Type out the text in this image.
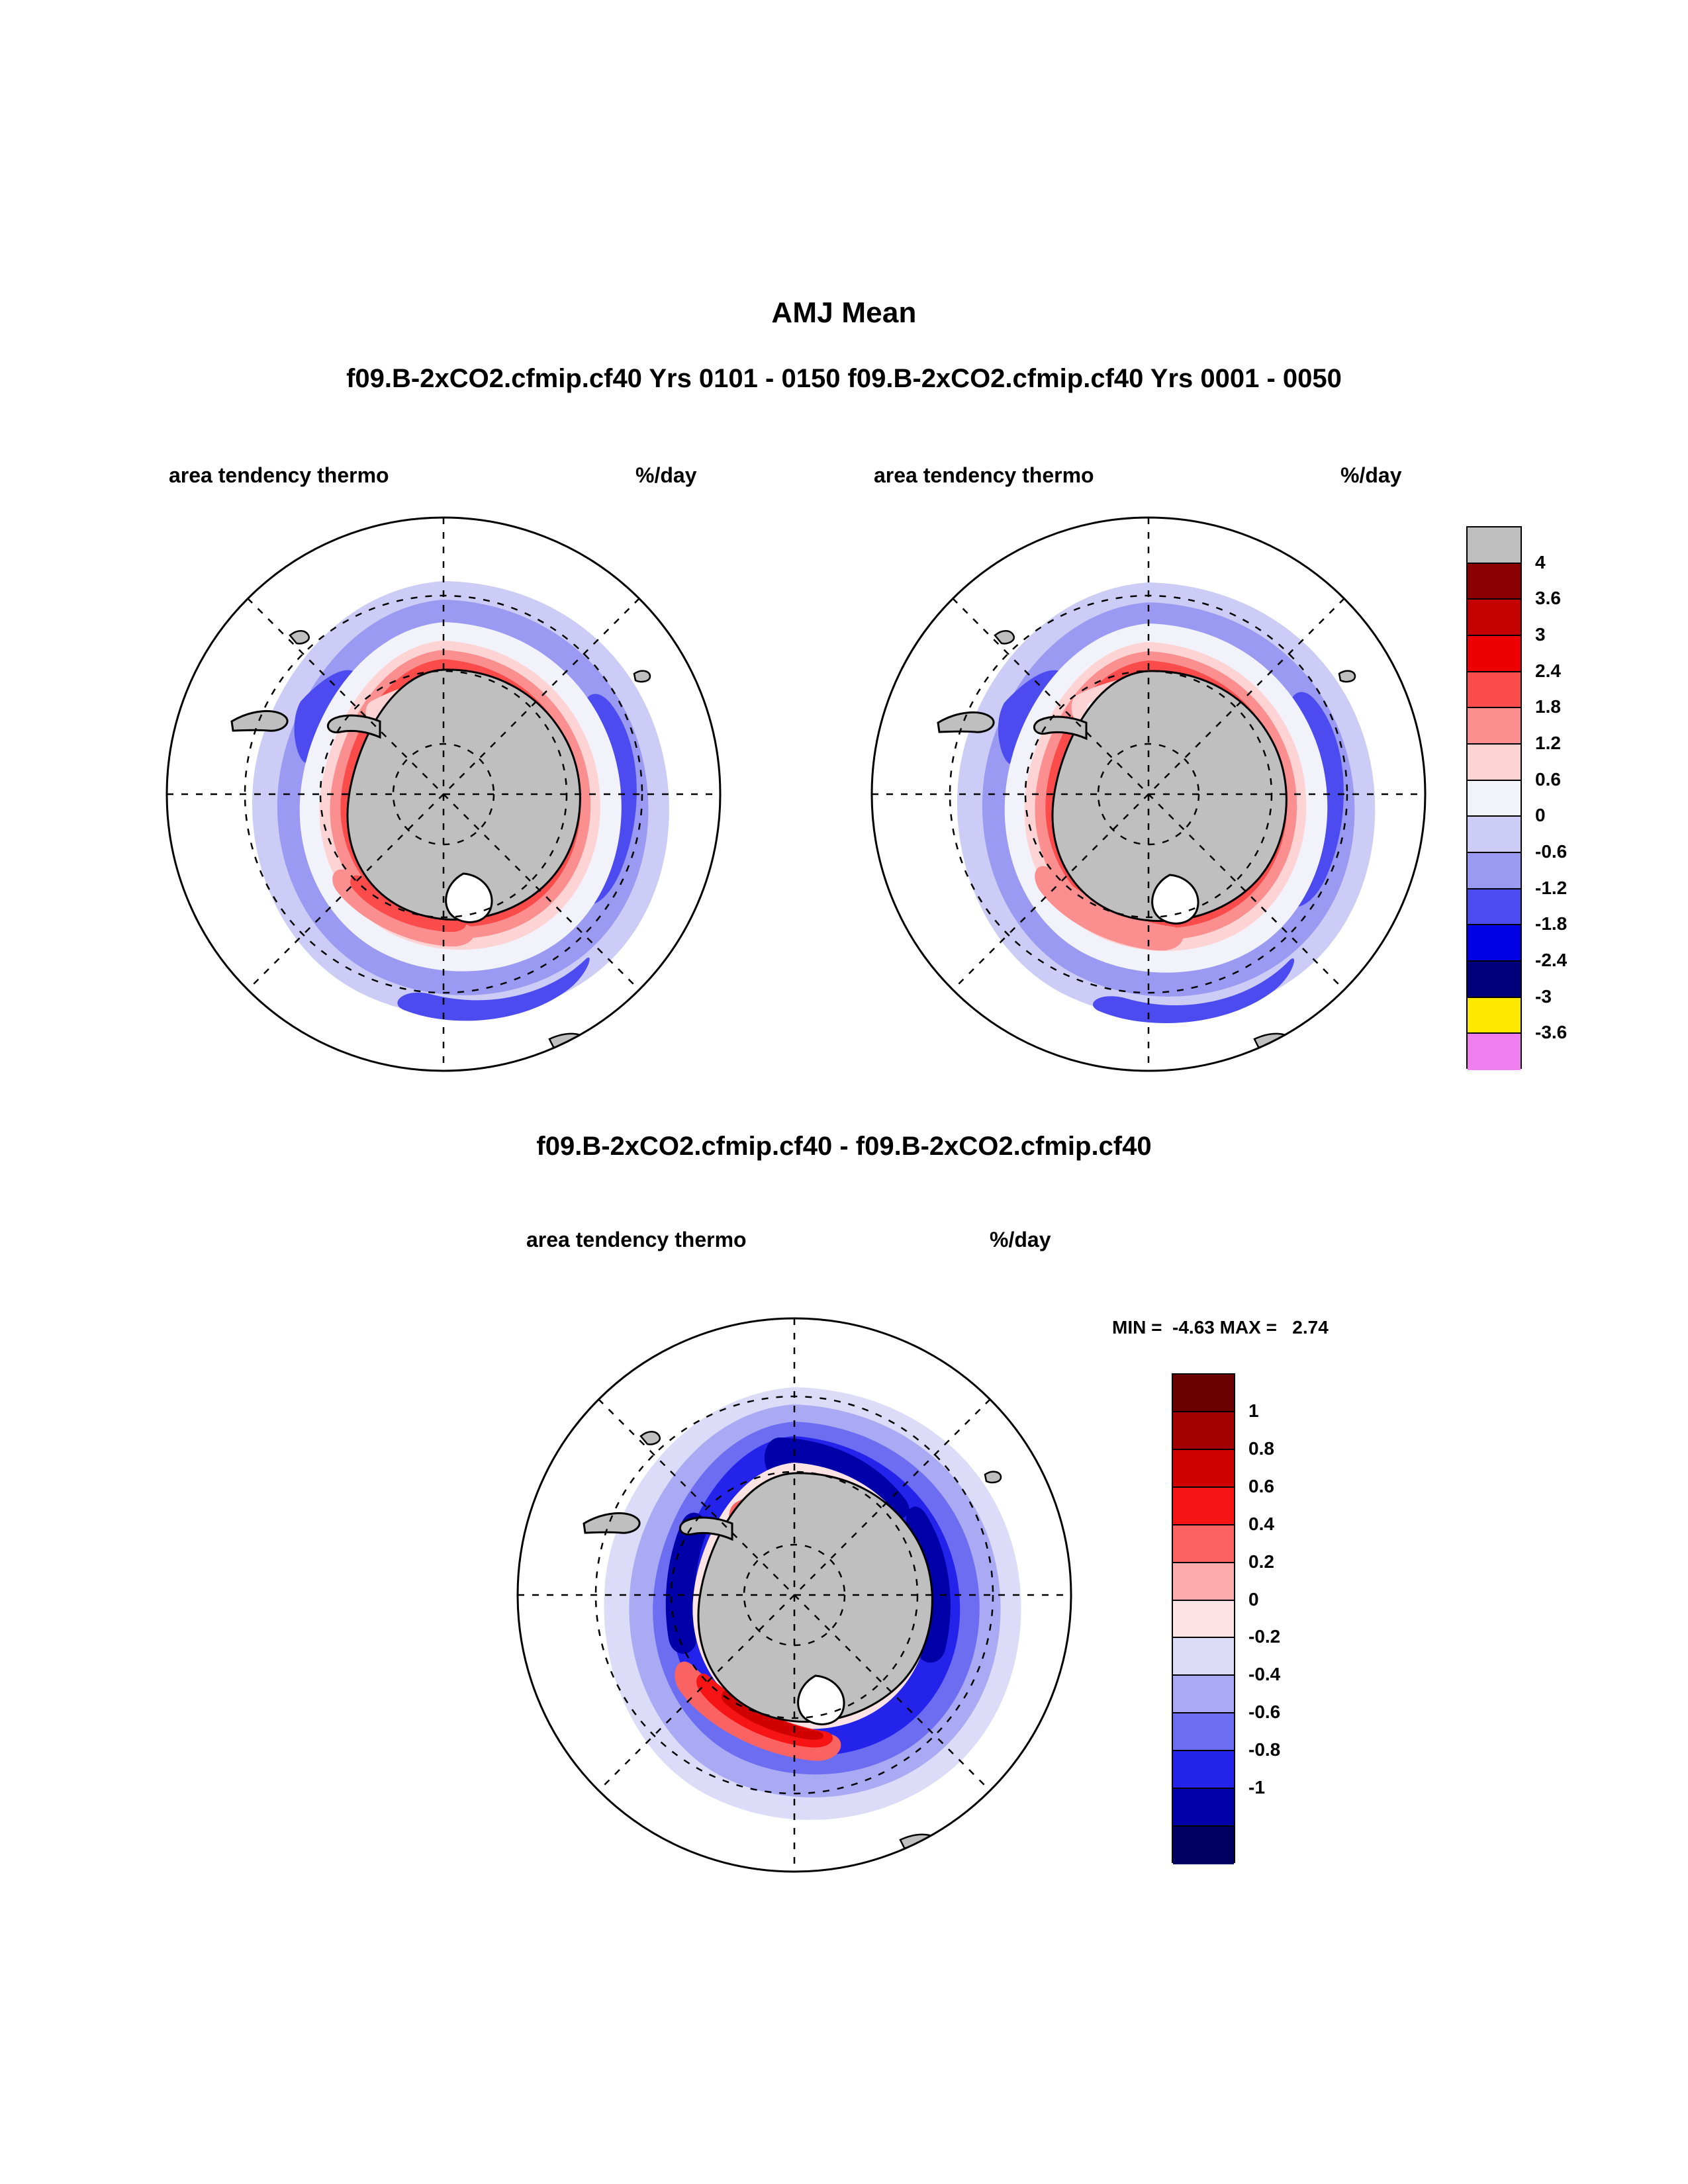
AMJ Mean
f09.B-2xCO2.cfmip.cf40 Yrs 0101 - 0150 f09.B-2xCO2.cfmip.cf40 Yrs 0001 - 0050
area tendency thermo	%/day	area tendency thermo	%/day
4
3.6
3
2.4
1.8
1.2
0.6
0
-0.6
-1.2
-1.8
-2.4
-3
-3.6
f09.B-2xCO2.cfmip.cf40 - f09.B-2xCO2.cfmip.cf40
area tendency thermo	%/day
MIN =  -4.63 MAX =   2.74
1
0.8
0.6
0.4
0.2
0
-0.2
-0.4
-0.6
-0.8
-1
